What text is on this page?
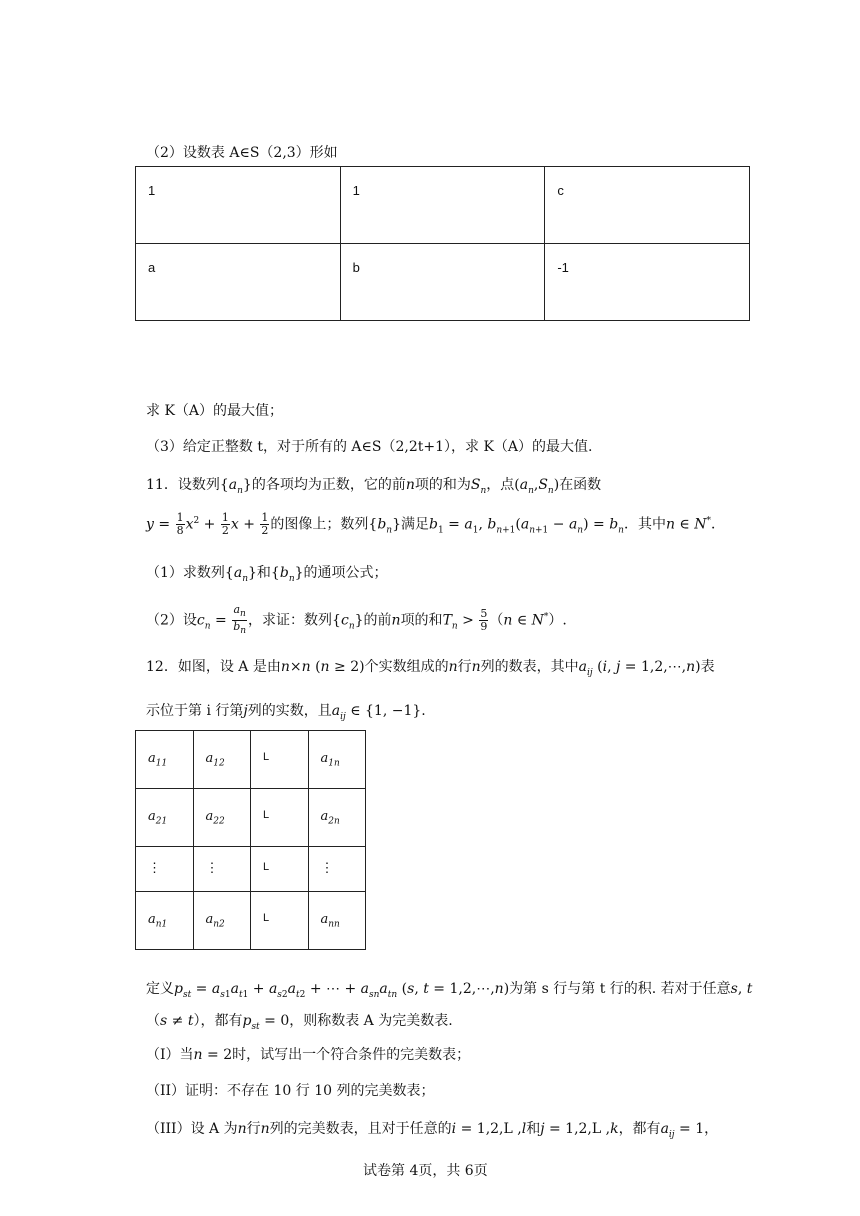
（2）设数表 A∈S（2,3）形如
1	1	c
a	b	-1
求 K（A）的最大值；
（3）给定正整数 t，对于所有的 A∈S（2,2t+1），求 K（A）的最大值.
11．设数列$\{a_n\}$的各项均为正数，它的前n项的和为$S_n$，点$(a_n,S_n)$在函数
$y = \frac{1}{8} x^2 + \frac{1}{2}$ $x + \frac{1}{2}$ 的图像上；数列$\{b_n\}$满足$b_1 = a_1$, $b_{n+1}(a_{n+1} - a_n) = b_n$．其中n ∈ N*．
（1）求数列$\{a_n\}$和$\{b_n\}$的通项公式；
（2）设$c_n = \frac{a_n}{b_n}$ ，求证：数列$\{c_n\}$的前n项的和$T_n > \frac{5}{9} (n$ ∈ N*）.
12．如图，设 A 是由n×n (n ≥ 2)个实数组成的n行n列的数表，其中$a_{ij}$ (i, j = 1,2,⋯,n)表
示位于第 i 行第j列的实数，且$a_{ij}$ ∈ {1, −1}.
$a_{11}$	$a_{12}$	L	$a_{1n}$
$a_{21}$	$a_{22}$	L	$a_{2n}$
⋮	⋮	L	⋮
$a_{n1}$	$a_{n2}$	L	$a_{nn}$
定义$p_{st} = a_{s1}a_{t1} + a_{s2}a_{t2}$ + ⋯ + $a_{sn}a_{tn}$ (s, t = 1,2,⋯,n)为第 s 行与第 t 行的积. 若对于任意s, t
（s ≠ t），都有$p_{st} = 0$，则称数表 A 为完美数表.
（I）当n = 2时，试写出一个符合条件的完美数表；
（II）证明：不存在 10 行 10 列的完美数表；
（III）设 A 为n行n列的完美数表，且对于任意的i = 1,2,L ,l和j = 1,2,L ,k，都有$a_{ij} = 1$，
试卷第 4页，共 6页
